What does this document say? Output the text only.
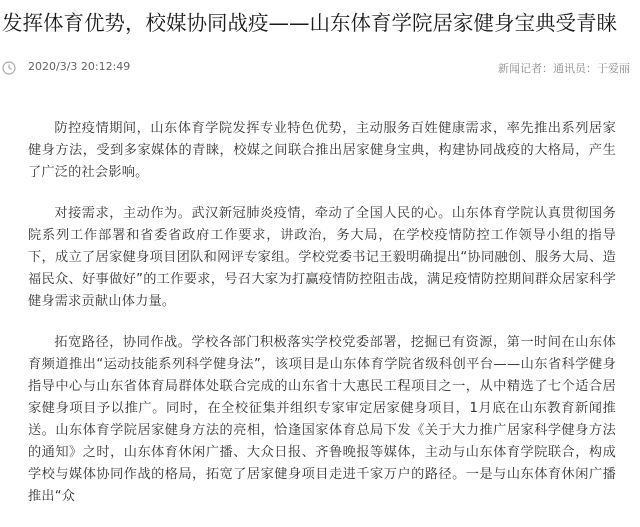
发挥体育优势，校媒协同战疫——山东体育学院居家健身宝典受青睐
2020/3/3 20:12:49	新闻记者：通讯员：于爱丽

防控疫情期间，山东体育学院发挥专业特色优势，主动服务百姓健康需求，率先推出系列居家健身方法，受到多家媒体的青睐，校媒之间联合推出居家健身宝典，构建协同战疫的大格局，产生了广泛的社会影响。

对接需求，主动作为。武汉新冠肺炎疫情，牵动了全国人民的心。山东体育学院认真贯彻国务院系列工作部署和省委省政府工作要求，讲政治，务大局，在学校疫情防控工作领导小组的指导下，成立了居家健身项目团队和网评专家组。学校党委书记王毅明确提出“协同融创、服务大局、造福民众、好事做好”的工作要求，号召大家为打赢疫情防控阻击战，满足疫情防控期间群众居家科学健身需求贡献山体力量。

拓宽路径，协同作战。学校各部门积极落实学校党委部署，挖掘已有资源，第一时间在山东体育频道推出“运动技能系列科学健身法”，该项目是山东体育学院省级科创平台——山东省科学健身指导中心与山东省体育局群体处联合完成的山东省十大惠民工程项目之一，从中精选了七个适合居家健身项目予以推广。同时，在全校征集并组织专家审定居家健身项目，1月底在山东教育新闻推送。山东体育学院居家健身方法的亮相，恰逢国家体育总局下发《关于大力推广居家科学健身方法的通知》之时，山东体育休闲广播、大众日报、齐鲁晚报等媒体，主动与山东体育学院联合，构成学校与媒体协同作战的格局，拓宽了居家健身项目走进千家万户的路径。一是与山东体育休闲广播推出“众
